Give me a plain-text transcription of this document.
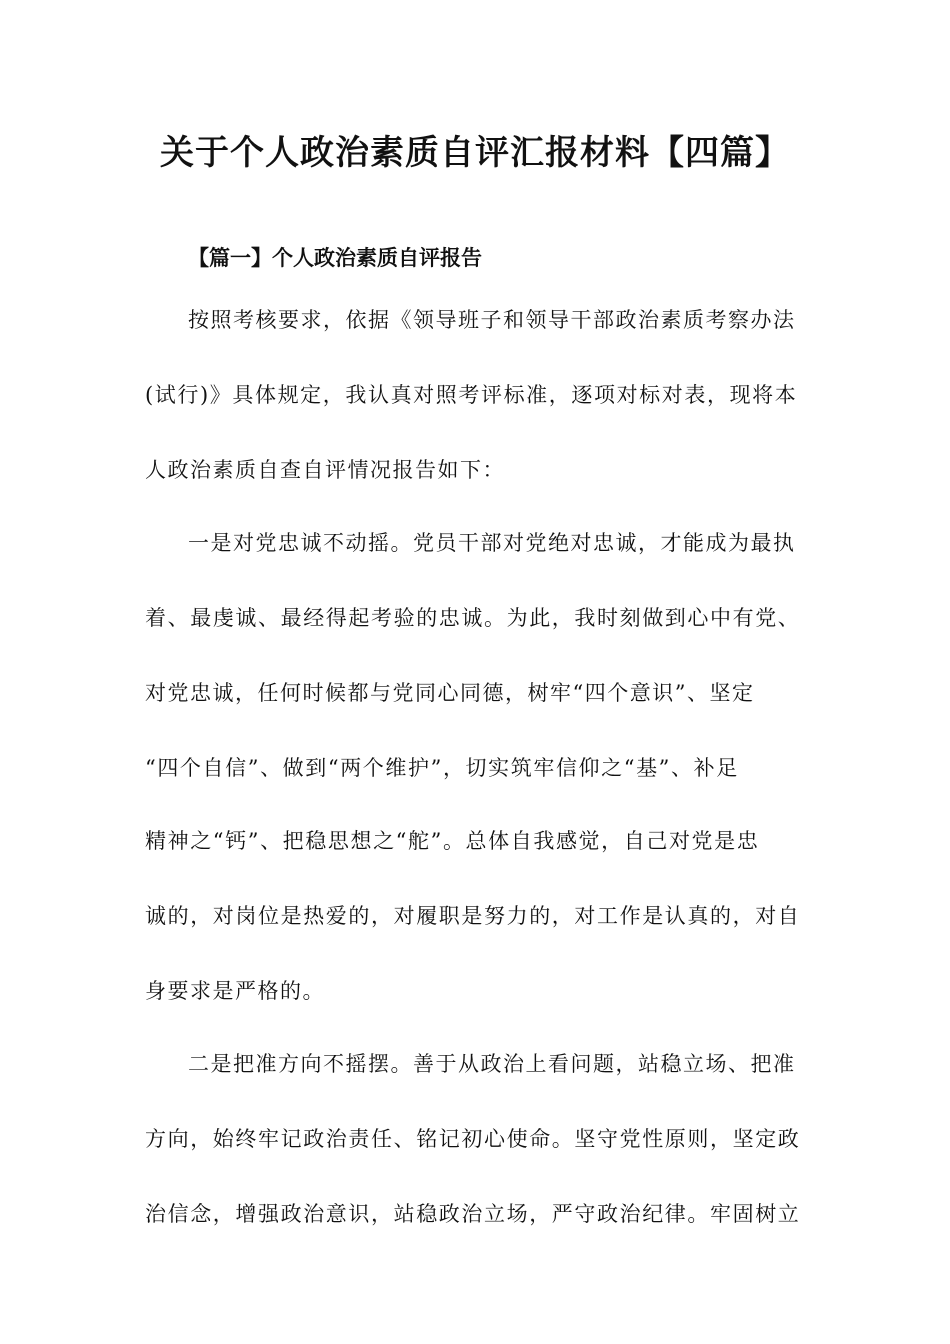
关于个人政治素质自评汇报材料【四篇】
【篇一】个人政治素质自评报告
按照考核要求，依据《领导班子和领导干部政治素质考察办法
(试行)》具体规定，我认真对照考评标准，逐项对标对表，现将本
人政治素质自查自评情况报告如下：
一是对党忠诚不动摇。党员干部对党绝对忠诚，才能成为最执
着、最虔诚、最经得起考验的忠诚。为此，我时刻做到心中有党、
对党忠诚，任何时候都与党同心同德，树牢“四个意识”、坚定
“四个自信”、做到“两个维护”，切实筑牢信仰之“基”、补足
精神之“钙”、把稳思想之“舵”。总体自我感觉，自己对党是忠
诚的，对岗位是热爱的，对履职是努力的，对工作是认真的，对自
身要求是严格的。
二是把准方向不摇摆。善于从政治上看问题，站稳立场、把准
方向，始终牢记政治责任、铭记初心使命。坚守党性原则，坚定政
治信念，增强政治意识，站稳政治立场，严守政治纪律。牢固树立
